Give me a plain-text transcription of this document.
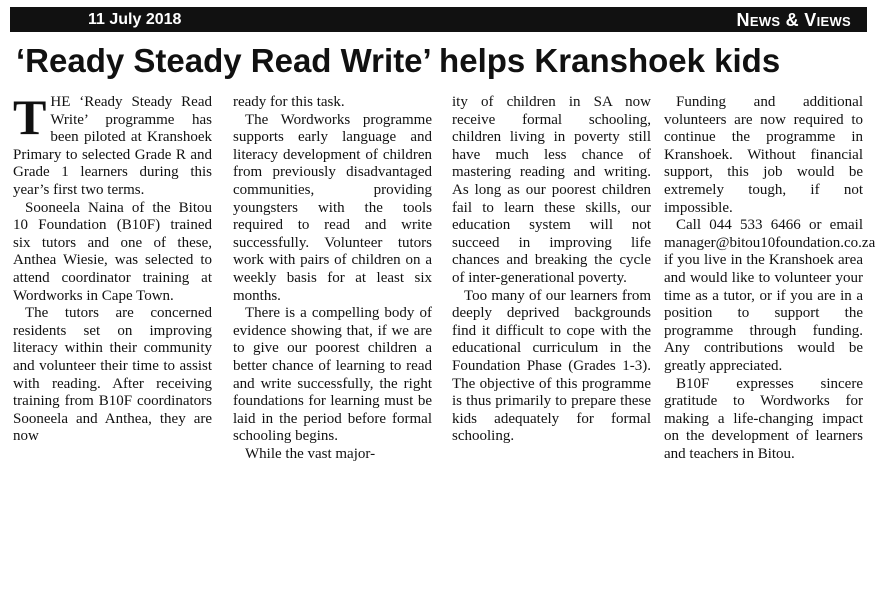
11 July 2018	News & Views
‘Ready Steady Read Write’ helps Kranshoek kids

THE ‘Ready Steady Read Write’ programme has been piloted at Kranshoek Primary to selected Grade R and Grade 1 learners during this year’s first two terms.

Sooneela Naina of the Bitou 10 Foundation (B10F) trained six tutors and one of these, Anthea Wiesie, was selected to attend coordinator training at Wordworks in Cape Town.

The tutors are concerned residents set on improving literacy within their community and volunteer their time to assist with reading. After receiving training from B10F coordinators Sooneela and Anthea, they are now

ready for this task.

The Wordworks programme supports early language and literacy development of children from previously disadvantaged communities, providing youngsters with the tools required to read and write successfully. Volunteer tutors work with pairs of children on a weekly basis for at least six months.

There is a compelling body of evidence showing that, if we are to give our poorest children a better chance of learning to read and write successfully, the right foundations for learning must be laid in the period before formal schooling begins.

While the vast major-

ity of children in SA now receive formal schooling, children living in poverty still have much less chance of mastering reading and writing. As long as our poorest children fail to learn these skills, our education system will not succeed in improving life chances and breaking the cycle of inter-generational poverty.

Too many of our learners from deeply deprived backgrounds find it difficult to cope with the educational curriculum in the Foundation Phase (Grades 1-3). The objective of this programme is thus primarily to prepare these kids adequately for formal schooling.

Funding and additional volunteers are now required to continue the programme in Kranshoek. Without financial support, this job would be extremely tough, if not impossible.

Call 044 533 6466 or email manager@bitou10foundation.co.za if you live in the Kranshoek area and would like to volunteer your time as a tutor, or if you are in a position to support the programme through funding. Any contributions would be greatly appreciated.

B10F expresses sincere gratitude to Wordworks for making a life-changing impact on the development of learners and teachers in Bitou.
